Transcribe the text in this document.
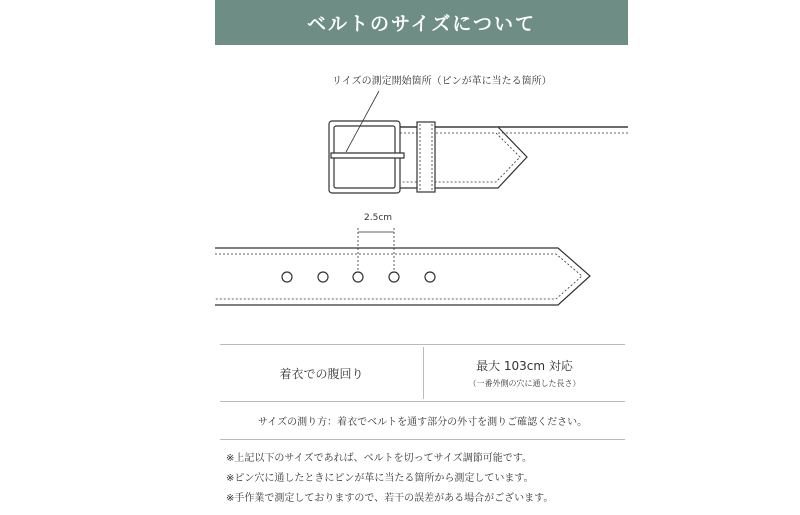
ベルトのサイズについて
リイズの測定開始箇所（ピンが革に当たる箇所）
2.5cm
着衣での腹回り
最大 103cm 対応
（一番外側の穴に通した長さ）
サイズの測り方：着衣でベルトを通す部分の外寸を測りご確認ください。
※上記以下のサイズであれば、ベルトを切ってサイズ調節可能です。
※ピン穴に通したときにピンが革に当たる箇所から測定しています。
※手作業で測定しておりますので、若干の誤差がある場合がございます。
